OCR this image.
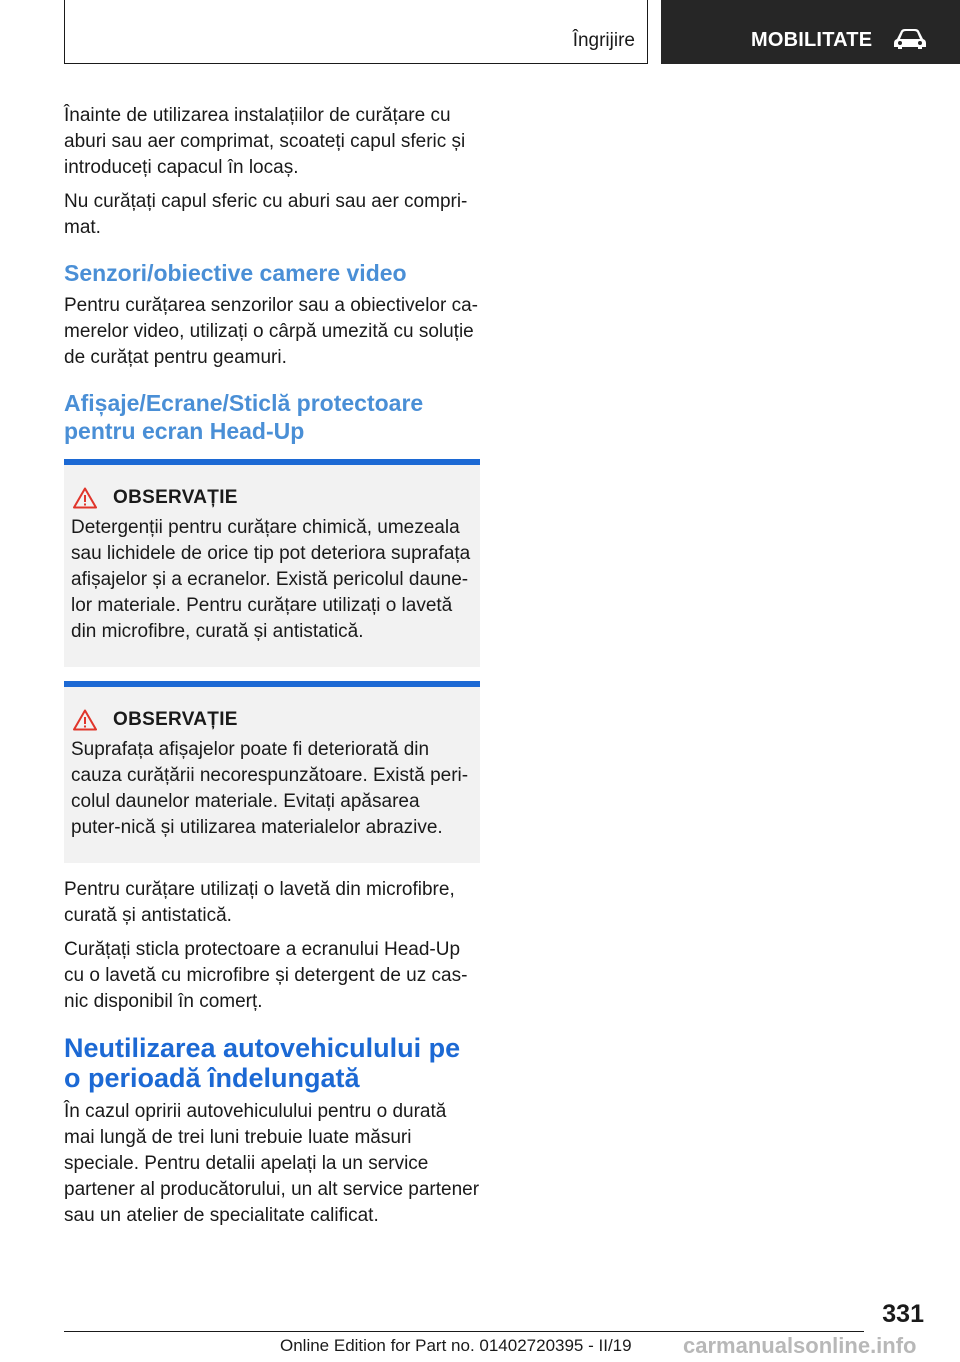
Îngrijire	MOBILITATE

Înainte de utilizarea instalațiilor de curățare cu aburi sau aer comprimat, scoateți capul sferic și introduceți capacul în locaș.

Nu curățați capul sferic cu aburi sau aer compri-mat.

Senzori/obiective camere video

Pentru curățarea senzorilor sau a obiectivelor ca-merelor video, utilizați o cârpă umezită cu soluție de curățat pentru geamuri.

Afișaje/Ecrane/Sticlă protectoare pentru ecran Head-Up
OBSERVAȚIE

Detergenții pentru curățare chimică, umezeala sau lichidele de orice tip pot deteriora suprafața afișajelor și a ecranelor. Există pericolul daune-lor materiale. Pentru curățare utilizați o lavetă din microfibre, curată și antistatică.

OBSERVAȚIE

Suprafața afișajelor poate fi deteriorată din cauza curățării necorespunzătoare. Există peri-colul daunelor materiale. Evitați apăsarea puter-nică și utilizarea materialelor abrazive.

Pentru curățare utilizați o lavetă din microfibre, curată și antistatică.

Curățați sticla protectoare a ecranului Head-Up cu o lavetă cu microfibre și detergent de uz cas-nic disponibil în comerț.

Neutilizarea autovehiculului pe o perioadă îndelungată

În cazul opririi autovehiculului pentru o durată mai lungă de trei luni trebuie luate măsuri speciale. Pentru detalii apelați la un service partener al producătorului, un alt service partener sau un atelier de specialitate calificat.

331
Online Edition for Part no. 01402720395 - II/19 carmanualsonline.info
